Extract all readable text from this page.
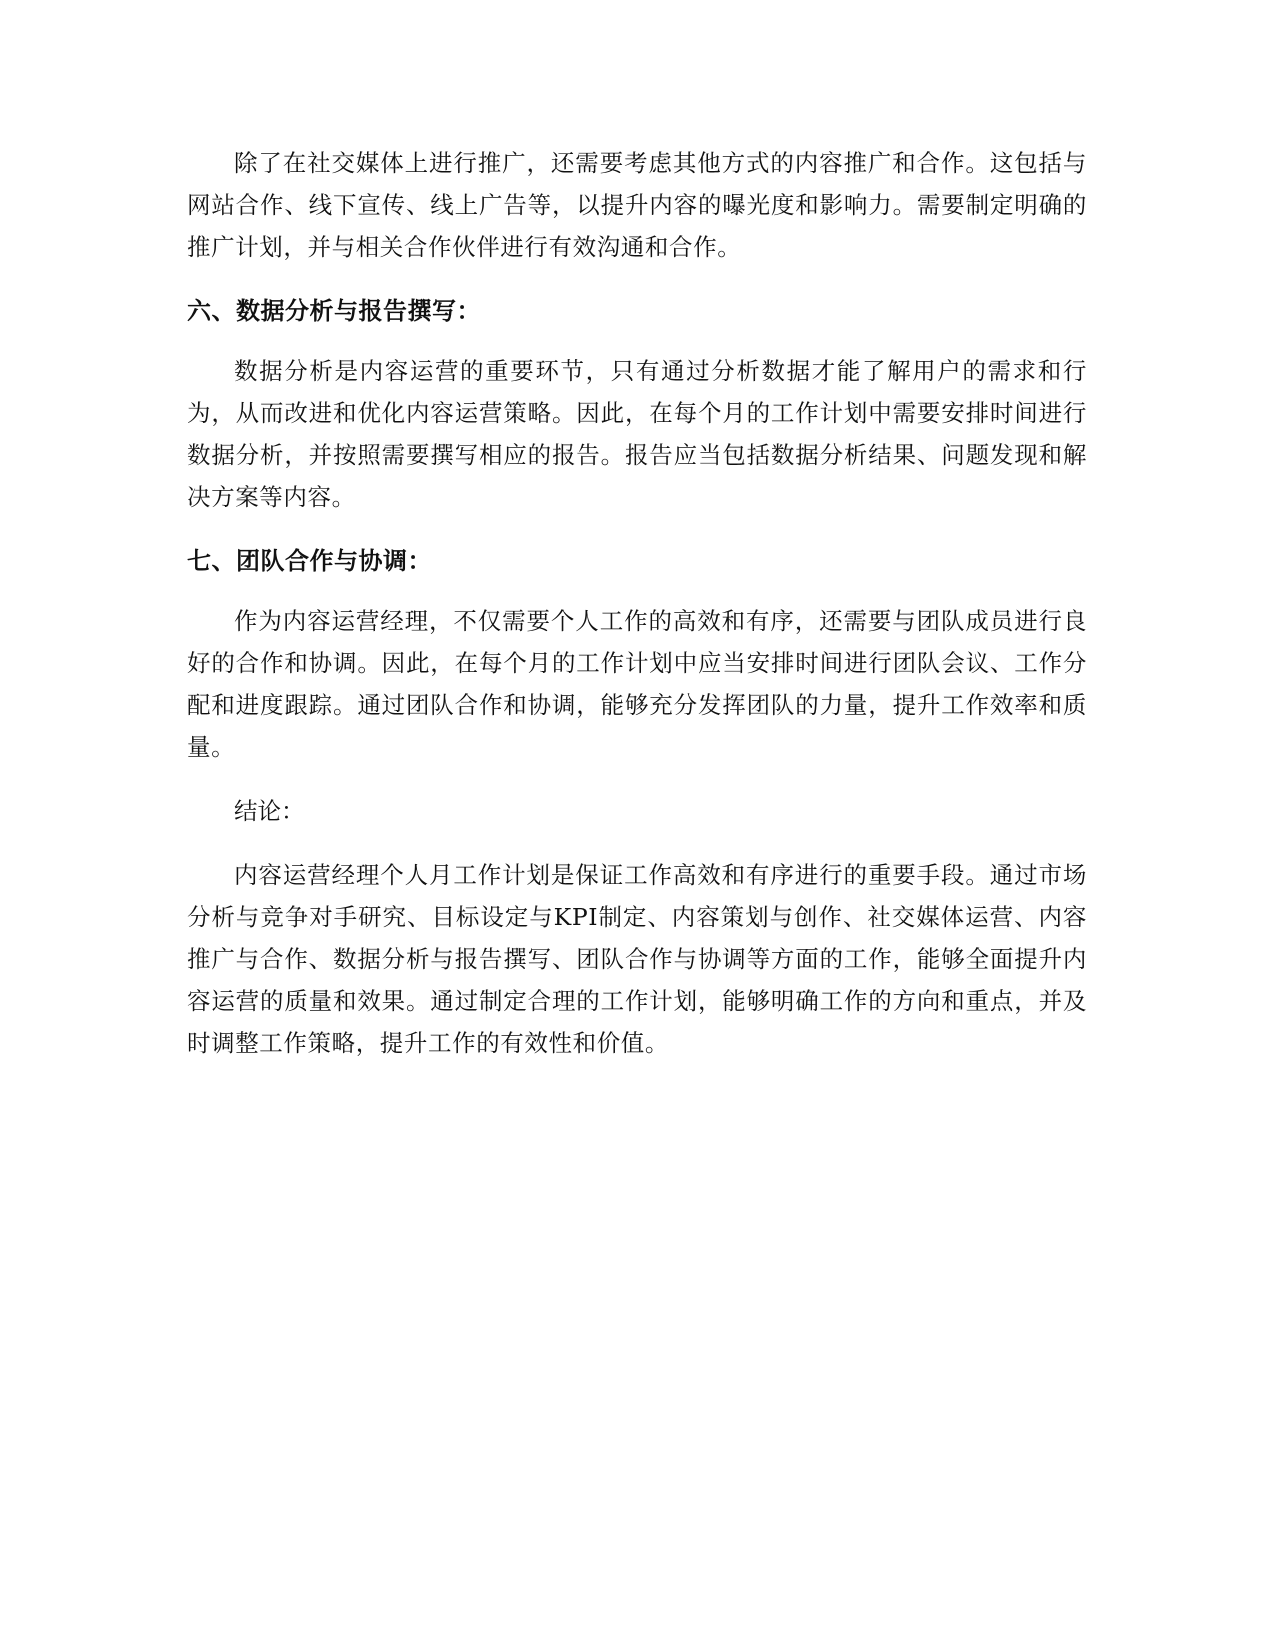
除了在社交媒体上进行推广，还需要考虑其他方式的内容推广和合作。这包括与网站合作、线下宣传、线上广告等，以提升内容的曝光度和影响力。需要制定明确的推广计划，并与相关合作伙伴进行有效沟通和合作。

六、数据分析与报告撰写：

数据分析是内容运营的重要环节，只有通过分析数据才能了解用户的需求和行为，从而改进和优化内容运营策略。因此，在每个月的工作计划中需要安排时间进行数据分析，并按照需要撰写相应的报告。报告应当包括数据分析结果、问题发现和解决方案等内容。

七、团队合作与协调：

作为内容运营经理，不仅需要个人工作的高效和有序，还需要与团队成员进行良好的合作和协调。因此，在每个月的工作计划中应当安排时间进行团队会议、工作分配和进度跟踪。通过团队合作和协调，能够充分发挥团队的力量，提升工作效率和质量。

结论：

内容运营经理个人月工作计划是保证工作高效和有序进行的重要手段。通过市场分析与竞争对手研究、目标设定与KPI制定、内容策划与创作、社交媒体运营、内容推广与合作、数据分析与报告撰写、团队合作与协调等方面的工作，能够全面提升内容运营的质量和效果。通过制定合理的工作计划，能够明确工作的方向和重点，并及时调整工作策略，提升工作的有效性和价值。
